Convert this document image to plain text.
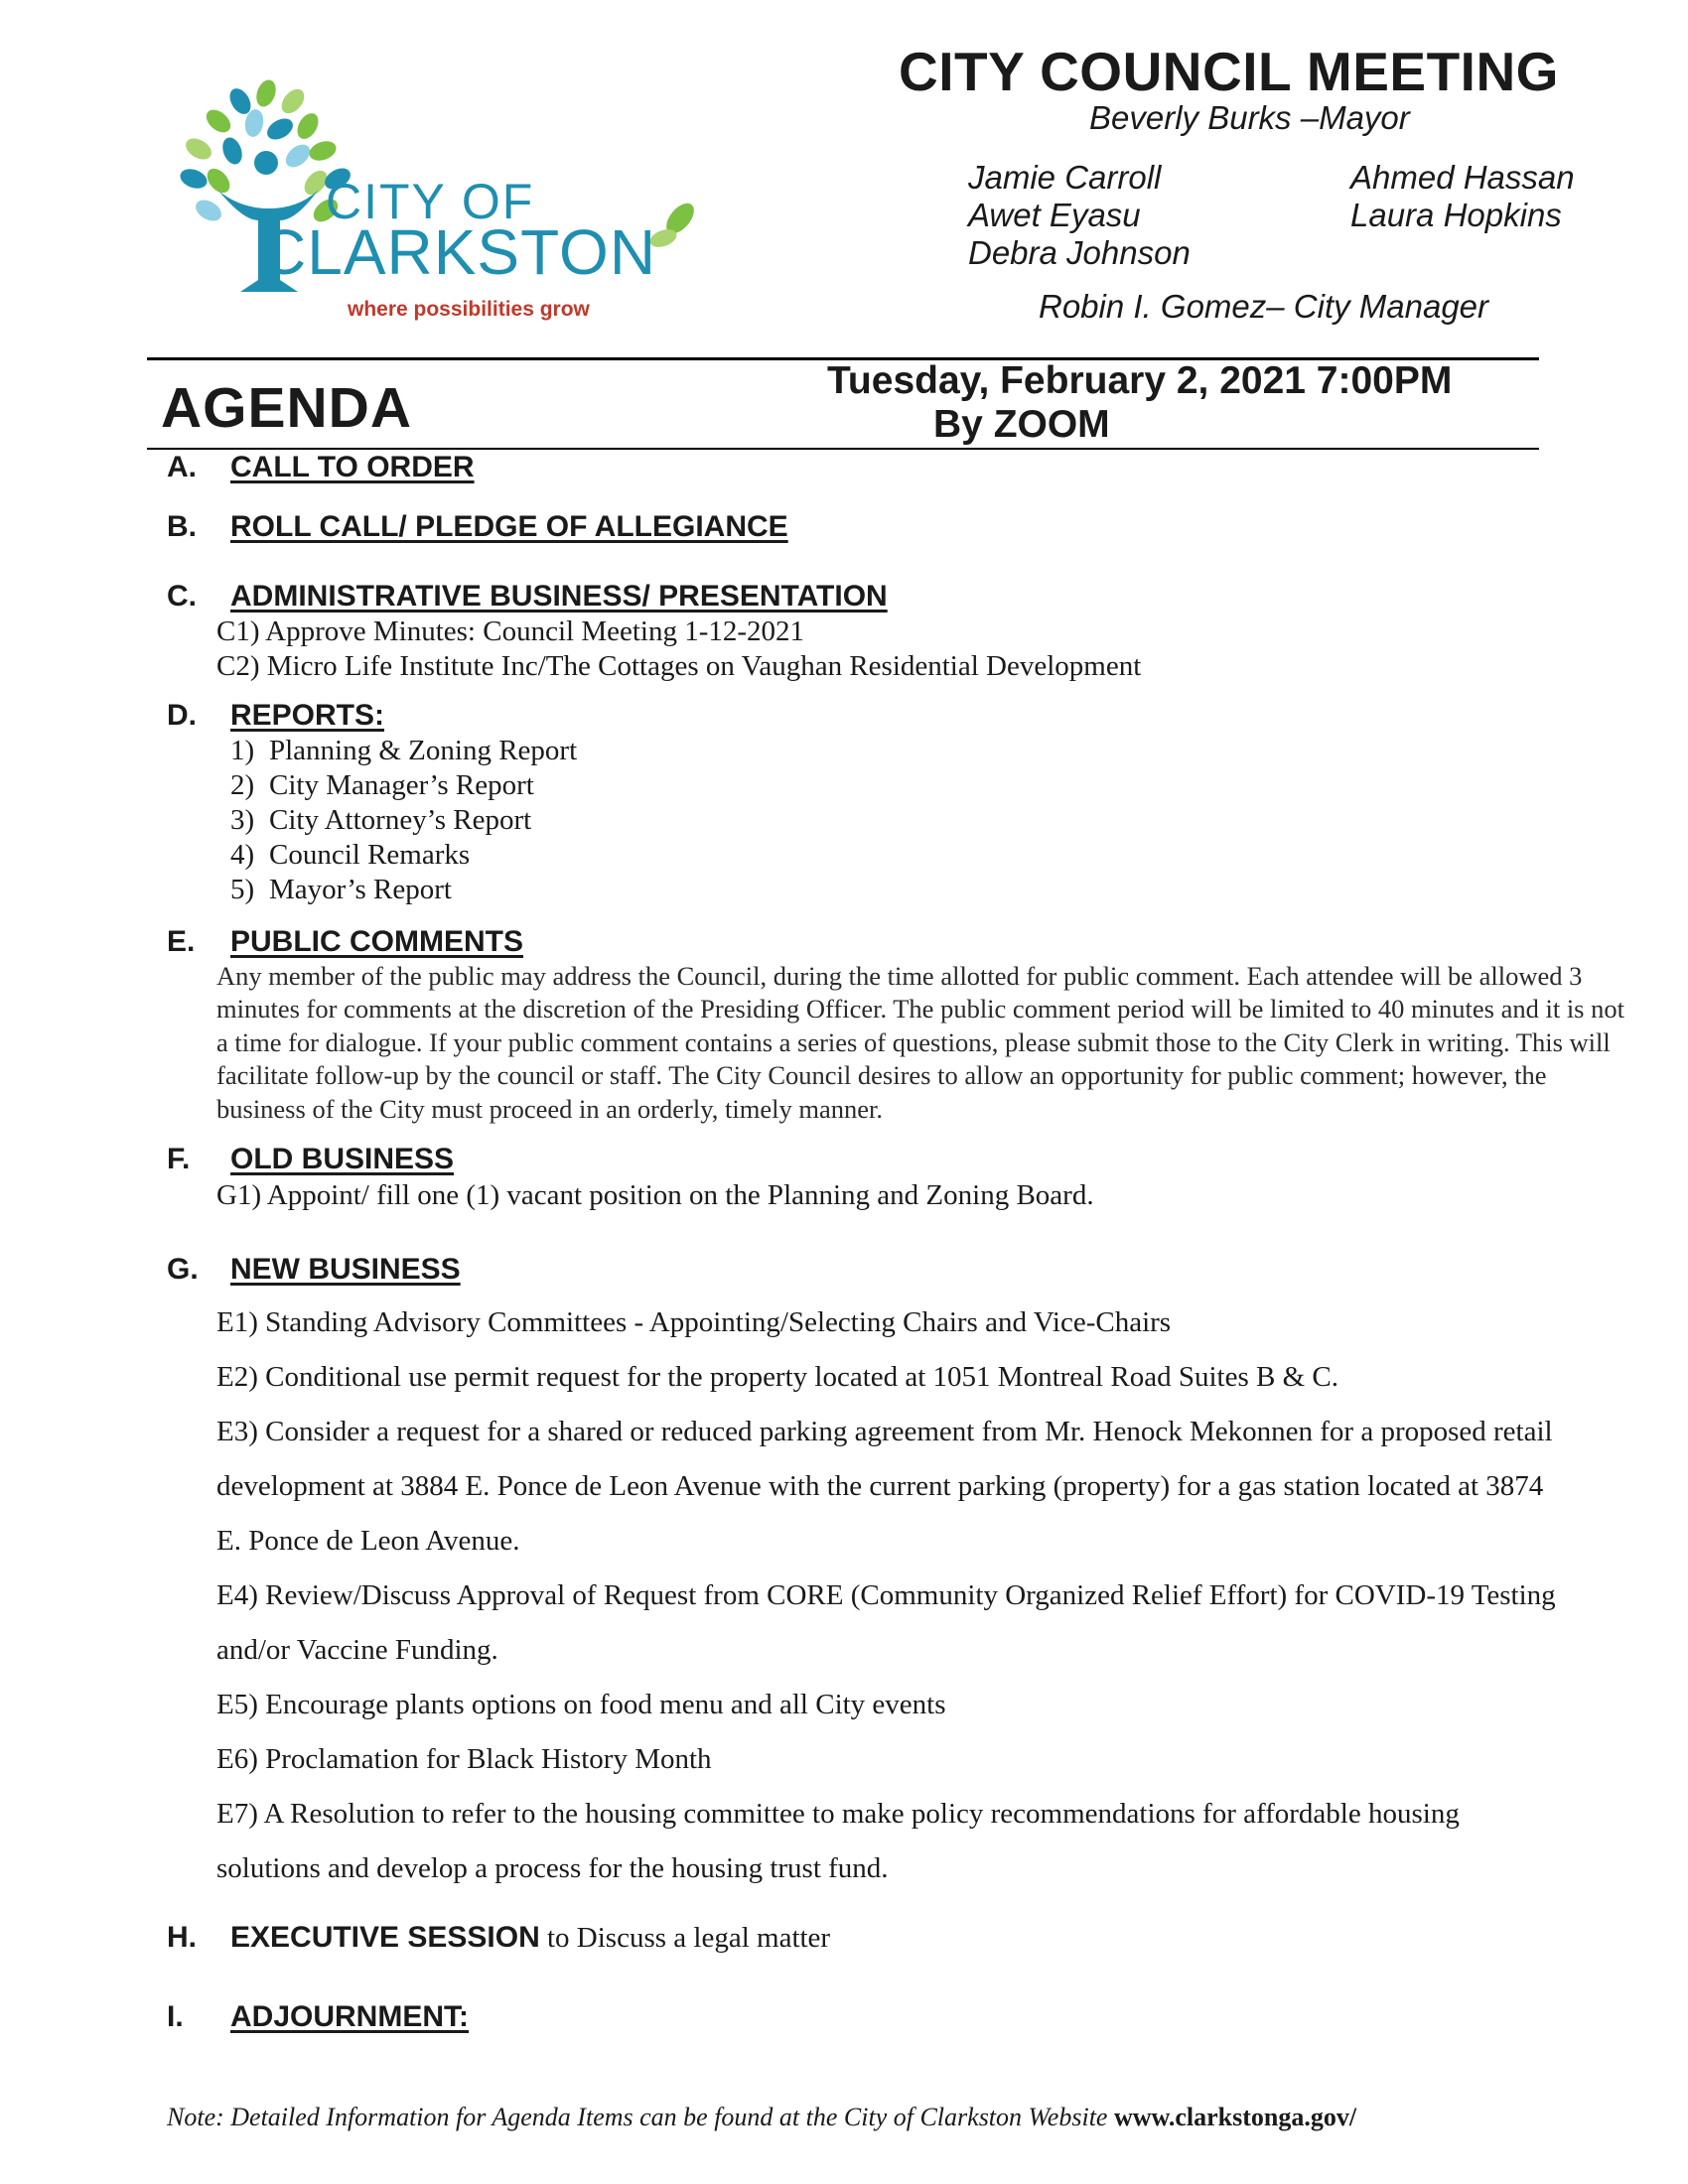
CITY OF
CLARKSTON
where possibilities grow
CITY COUNCIL MEETING
Beverly Burks –Mayor
Jamie Carroll
Awet Eyasu
Debra Johnson
Ahmed Hassan
Laura Hopkins
Robin I. Gomez– City Manager
AGENDA	Tuesday, February 2, 2021 7:00PM
By ZOOM
A. CALL TO ORDER
B. ROLL CALL/ PLEDGE OF ALLEGIANCE
C. ADMINISTRATIVE BUSINESS/ PRESENTATION
C1) Approve Minutes: Council Meeting 1-12-2021
C2) Micro Life Institute Inc/The Cottages on Vaughan Residential Development
D. REPORTS:
1) Planning & Zoning Report
2) City Manager’s Report
3) City Attorney’s Report
4) Council Remarks
5) Mayor’s Report
E. PUBLIC COMMENTS
Any member of the public may address the Council, during the time allotted for public comment. Each attendee will be allowed 3 minutes for comments at the discretion of the Presiding Officer. The public comment period will be limited to 40 minutes and it is not a time for dialogue. If your public comment contains a series of questions, please submit those to the City Clerk in writing. This will facilitate follow-up by the council or staff. The City Council desires to allow an opportunity for public comment; however, the business of the City must proceed in an orderly, timely manner.
F. OLD BUSINESS
G1) Appoint/ fill one (1) vacant position on the Planning and Zoning Board.
G. NEW BUSINESS
E1) Standing Advisory Committees - Appointing/Selecting Chairs and Vice-Chairs
E2) Conditional use permit request for the property located at 1051 Montreal Road Suites B & C.
E3) Consider a request for a shared or reduced parking agreement from Mr. Henock Mekonnen for a proposed retail
development at 3884 E. Ponce de Leon Avenue with the current parking (property) for a gas station located at 3874
E. Ponce de Leon Avenue.
E4) Review/Discuss Approval of Request from CORE (Community Organized Relief Effort) for COVID-19 Testing
and/or Vaccine Funding.
E5) Encourage plants options on food menu and all City events
E6) Proclamation for Black History Month
E7) A Resolution to refer to the housing committee to make policy recommendations for affordable housing
solutions and develop a process for the housing trust fund.
H. EXECUTIVE SESSION to Discuss a legal matter
I. ADJOURNMENT:
Note: Detailed Information for Agenda Items can be found at the City of Clarkston Website www.clarkstonga.gov/
